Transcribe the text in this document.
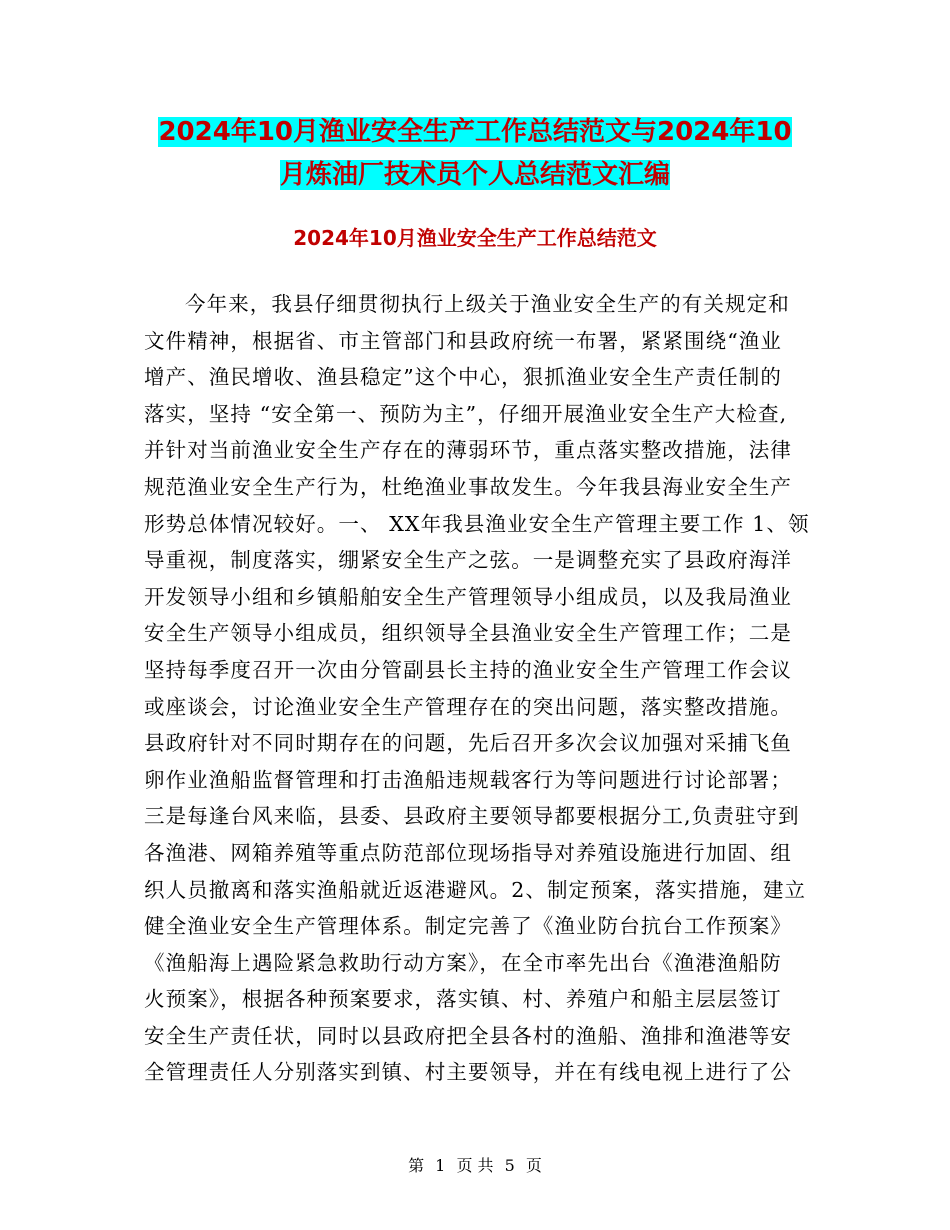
2024年10月渔业安全生产工作总结范文与2024年10
月炼油厂技术员个人总结范文汇编
2024年10月渔业安全生产工作总结范文
今年来，我县仔细贯彻执行上级关于渔业安全生产的有关规定和
文件精神，根据省、市主管部门和县政府统一布署，紧紧围绕“渔业
增产、渔民增收、渔县稳定”这个中心，狠抓渔业安全生产责任制的
落实，坚持 “安全第一、预防为主”，仔细开展渔业安全生产大检查,
并针对当前渔业安全生产存在的薄弱环节，重点落实整改措施，法律
规范渔业安全生产行为，杜绝渔业事故发生。今年我县海业安全生产
形势总体情况较好。一、 XX年我县渔业安全生产管理主要工作 1、领
导重视，制度落实，绷紧安全生产之弦。一是调整充实了县政府海洋
开发领导小组和乡镇船舶安全生产管理领导小组成员，以及我局渔业
安全生产领导小组成员，组织领导全县渔业安全生产管理工作；二是
坚持每季度召开一次由分管副县长主持的渔业安全生产管理工作会议
或座谈会，讨论渔业安全生产管理存在的突出问题，落实整改措施。
县政府针对不同时期存在的问题，先后召开多次会议加强对采捕飞鱼
卵作业渔船监督管理和打击渔船违规载客行为等问题进行讨论部署；
三是每逢台风来临，县委、县政府主要领导都要根据分工,负责驻守到
各渔港、网箱养殖等重点防范部位现场指导对养殖设施进行加固、组
织人员撤离和落实渔船就近返港避风。2、制定预案，落实措施，建立
健全渔业安全生产管理体系。制定完善了《渔业防台抗台工作预案》
《渔船海上遇险紧急救助行动方案》，在全市率先出台《渔港渔船防
火预案》，根据各种预案要求，落实镇、村、养殖户和船主层层签订
安全生产责任状，同时以县政府把全县各村的渔船、渔排和渔港等安
全管理责任人分别落实到镇、村主要领导，并在有线电视上进行了公
第 1 页 共 5 页
